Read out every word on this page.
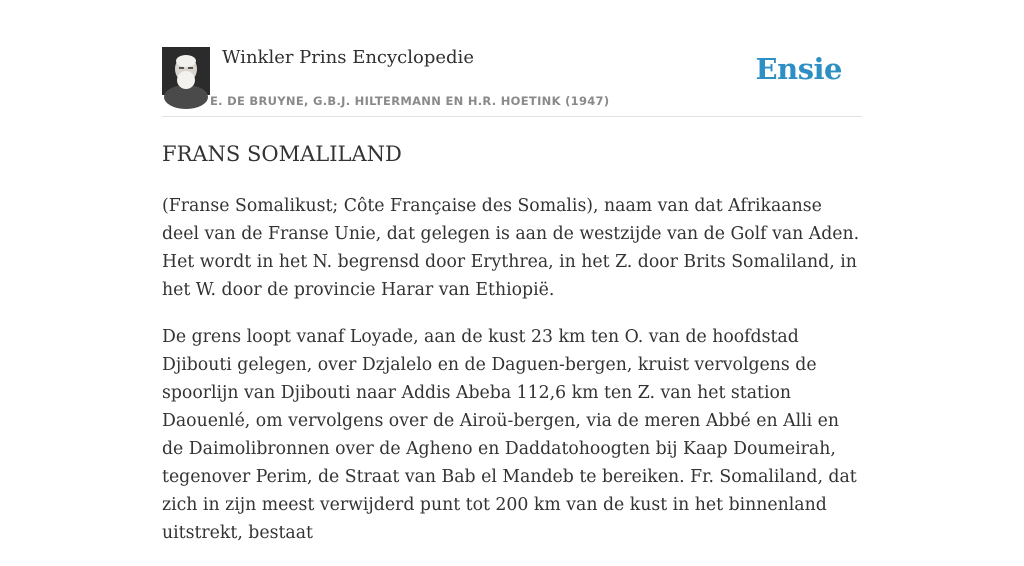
Winkler Prins Encyclopedie
E. DE BRUYNE, G.B.J. HILTERMANN EN H.R. HOETINK (1947)
Ensie
FRANS SOMALILAND

(Franse Somalikust; Côte Française des Somalis), naam van dat Afrikaanse deel van de Franse Unie, dat gelegen is aan de westzijde van de Golf van Aden. Het wordt in het N. begrensd door Erythrea, in het Z. door Brits Somaliland, in het W. door de provincie Harar van Ethiopië.

De grens loopt vanaf Loyade, aan de kust 23 km ten O. van de hoofdstad Djibouti gelegen, over Dzjalelo en de Daguen-bergen, kruist vervolgens de spoorlijn van Djibouti naar Addis Abeba 112,6 km ten Z. van het station Daouenlé, om vervolgens over de Airoü-bergen, via de meren Abbé en Alli en de Daimolibronnen over de Agheno en Daddatohoogten bij Kaap Doumeirah, tegenover Perim, de Straat van Bab el Mandeb te bereiken. Fr. Somaliland, dat zich in zijn meest verwijderd punt tot 200 km van de kust in het binnenland uitstrekt, bestaat
